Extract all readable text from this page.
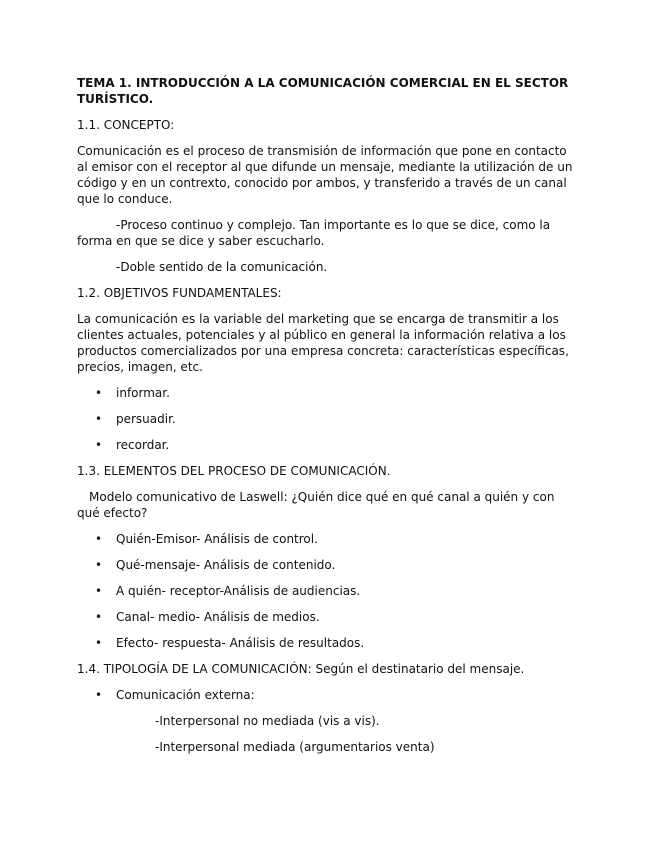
TEMA 1. INTRODUCCIÓN A LA COMUNICACIÓN COMERCIAL EN EL SECTOR TURÍSTICO.

1.1. CONCEPTO:

Comunicación es el proceso de transmisión de información que pone en contacto al emisor con el receptor al que difunde un mensaje, mediante la utilización de un código y en un contrexto, conocido por ambos, y transferido a través de un canal que lo conduce.

-Proceso continuo y complejo. Tan importante es lo que se dice, como la forma en que se dice y saber escucharlo.

-Doble sentido de la comunicación.

1.2. OBJETIVOS FUNDAMENTALES:

La comunicación es la variable del marketing que se encarga de transmitir a los clientes actuales, potenciales y al público en general la información relativa a los productos comercializados por una empresa concreta: características específicas, precios, imagen, etc.

• informar.
• persuadir.
• recordar.

1.3. ELEMENTOS DEL PROCESO DE COMUNICACIÓN.

Modelo comunicativo de Laswell: ¿Quién dice qué en qué canal a quién y con qué efecto?

• Quién-Emisor- Análisis de control.
• Qué-mensaje- Análisis de contenido.
• A quién- receptor-Análisis de audiencias.
• Canal- medio- Análisis de medios.
• Efecto- respuesta- Análisis de resultados.

1.4. TIPOLOGÍA DE LA COMUNICACIÓN: Según el destinatario del mensaje.

• Comunicación externa:

-Interpersonal no mediada (vis a vis).

-Interpersonal mediada (argumentarios venta)
